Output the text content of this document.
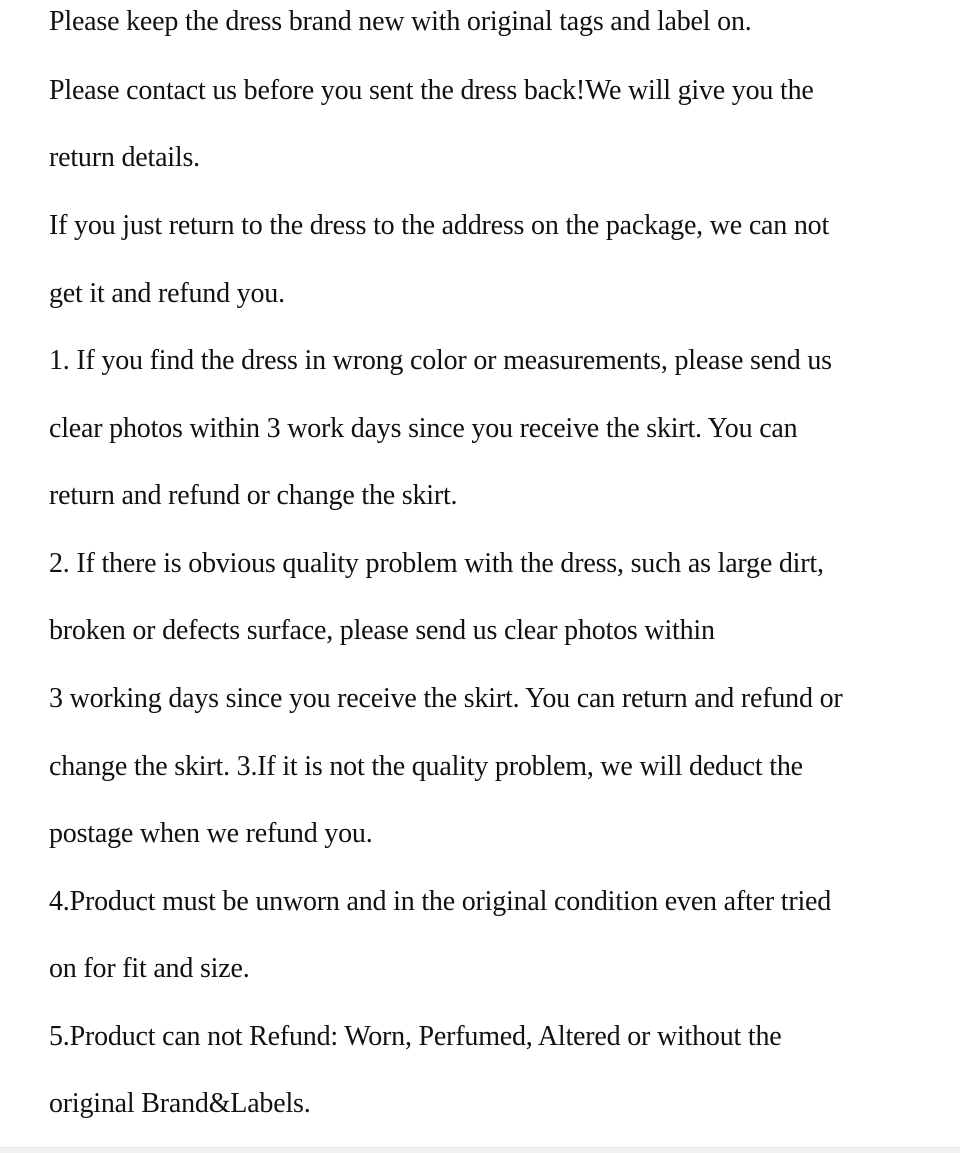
Please keep the dress brand new with original tags and label on.
Please contact us before you sent the dress back!We will give you the
return details.
If you just return to the dress to the address on the package, we can not
get it and refund you.
1. If you find the dress in wrong color or measurements, please send us
clear photos within 3 work days since you receive the skirt. You can
return and refund or change the skirt.
2. If there is obvious quality problem with the dress, such as large dirt,
broken or defects surface, please send us clear photos within
3 working days since you receive the skirt. You can return and refund or
change the skirt. 3.If it is not the quality problem, we will deduct the
postage when we refund you.
4.Product must be unworn and in the original condition even after tried
on for fit and size.
5.Product can not Refund: Worn, Perfumed, Altered or without the
original Brand&Labels.
